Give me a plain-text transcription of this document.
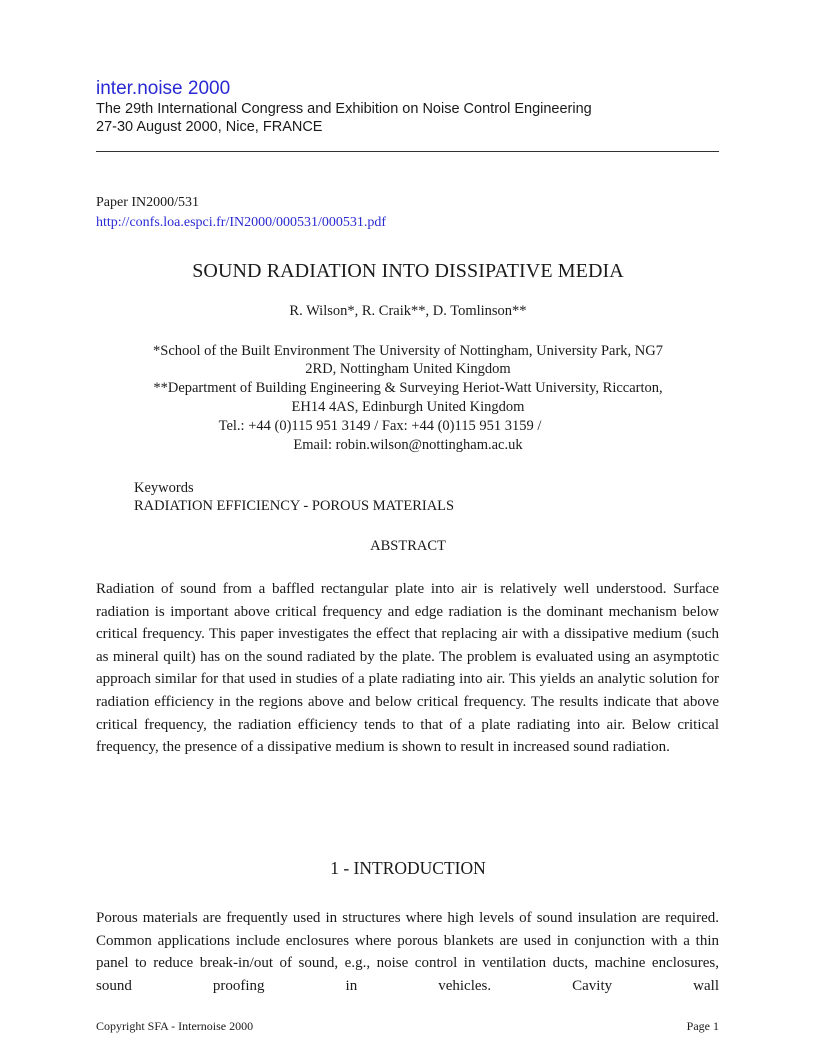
inter.noise 2000
The 29th International Congress and Exhibition on Noise Control Engineering
27-30 August 2000, Nice, FRANCE
Paper IN2000/531
http://confs.loa.espci.fr/IN2000/000531/000531.pdf
SOUND RADIATION INTO DISSIPATIVE MEDIA
R. Wilson*, R. Craik**, D. Tomlinson**
*School of the Built Environment The University of Nottingham, University Park, NG7
2RD, Nottingham United Kingdom
**Department of Building Engineering & Surveying Heriot-Watt University, Riccarton,
EH14 4AS, Edinburgh United Kingdom
Tel.: +44 (0)115 951 3149 / Fax: +44 (0)115 951 3159 /
Email: robin.wilson@nottingham.ac.uk
Keywords
RADIATION EFFICIENCY - POROUS MATERIALS
ABSTRACT

Radiation of sound from a baffled rectangular plate into air is relatively well understood. Surface radiation is important above critical frequency and edge radiation is the dominant mechanism below critical frequency. This paper investigates the effect that replacing air with a dissipative medium (such as mineral quilt) has on the sound radiated by the plate. The problem is evaluated using an asymptotic approach similar for that used in studies of a plate radiating into air. This yields an analytic solution for radiation efficiency in the regions above and below critical frequency. The results indicate that above critical frequency, the radiation efficiency tends to that of a plate radiating into air. Below critical frequency, the presence of a dissipative medium is shown to result in increased sound radiation.

1 - INTRODUCTION

Porous materials are frequently used in structures where high levels of sound insulation are required. Common applications include enclosures where porous blankets are used in conjunction with a thin panel to reduce break-in/out of sound, e.g., noise control in ventilation ducts, machine enclosures, sound proofing in vehicles. Cavity wall

Copyright SFA - Internoise 2000	Page 1
